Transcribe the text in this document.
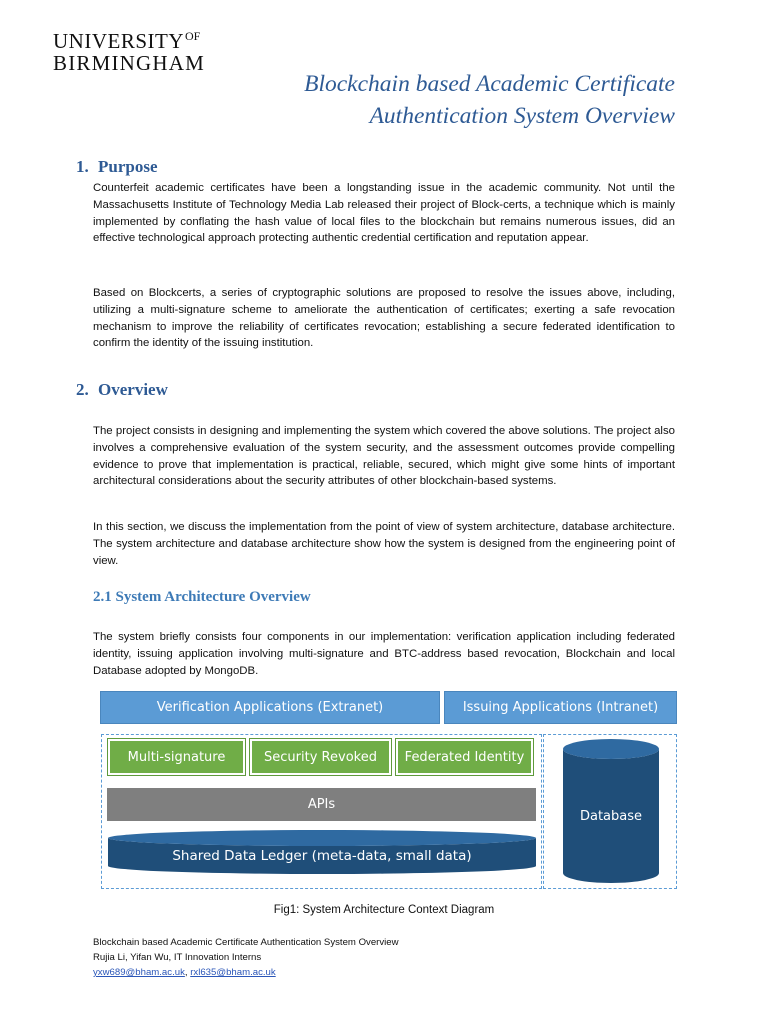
$UNIVERSITY^{OF}$
BIRMINGHAM
Blockchain based Academic Certificate
Authentication System Overview
1. Purpose

Counterfeit academic certificates have been a longstanding issue in the academic community. Not until the Massachusetts Institute of Technology Media Lab released their project of Block-certs, a technique which is mainly implemented by conflating the hash value of local files to the blockchain but remains numerous issues, did an effective technological approach protecting authentic credential certification and reputation appear.

Based on Blockcerts, a series of cryptographic solutions are proposed to resolve the issues above, including, utilizing a multi-signature scheme to ameliorate the authentication of certificates; exerting a safe revocation mechanism to improve the reliability of certificates revocation; establishing a secure federated identification to confirm the identity of the issuing institution.

2. Overview

The project consists in designing and implementing the system which covered the above solutions. The project also involves a comprehensive evaluation of the system security, and the assessment outcomes provide compelling evidence to prove that implementation is practical, reliable, secured, which might give some hints of important architectural considerations about the security attributes of other blockchain-based systems.

In this section, we discuss the implementation from the point of view of system architecture, database architecture. The system architecture and database architecture show how the system is designed from the engineering point of view.

2.1 System Architecture Overview

The system briefly consists four components in our implementation: verification application including federated identity, issuing application involving multi-signature and BTC-address based revocation, Blockchain and local Database adopted by MongoDB.

Verification Applications (Extranet)	Issuing Applications (Intranet)
Multi-signature	Security Revoked	Federated Identity
APIs
Shared Data Ledger (meta-data, small data)
Database
Fig1: System Architecture Context Diagram
Blockchain based Academic Certificate Authentication System Overview
Rujia Li, Yifan Wu, IT Innovation Interns
yxw689@bham.ac.uk, rxl635@bham.ac.uk
